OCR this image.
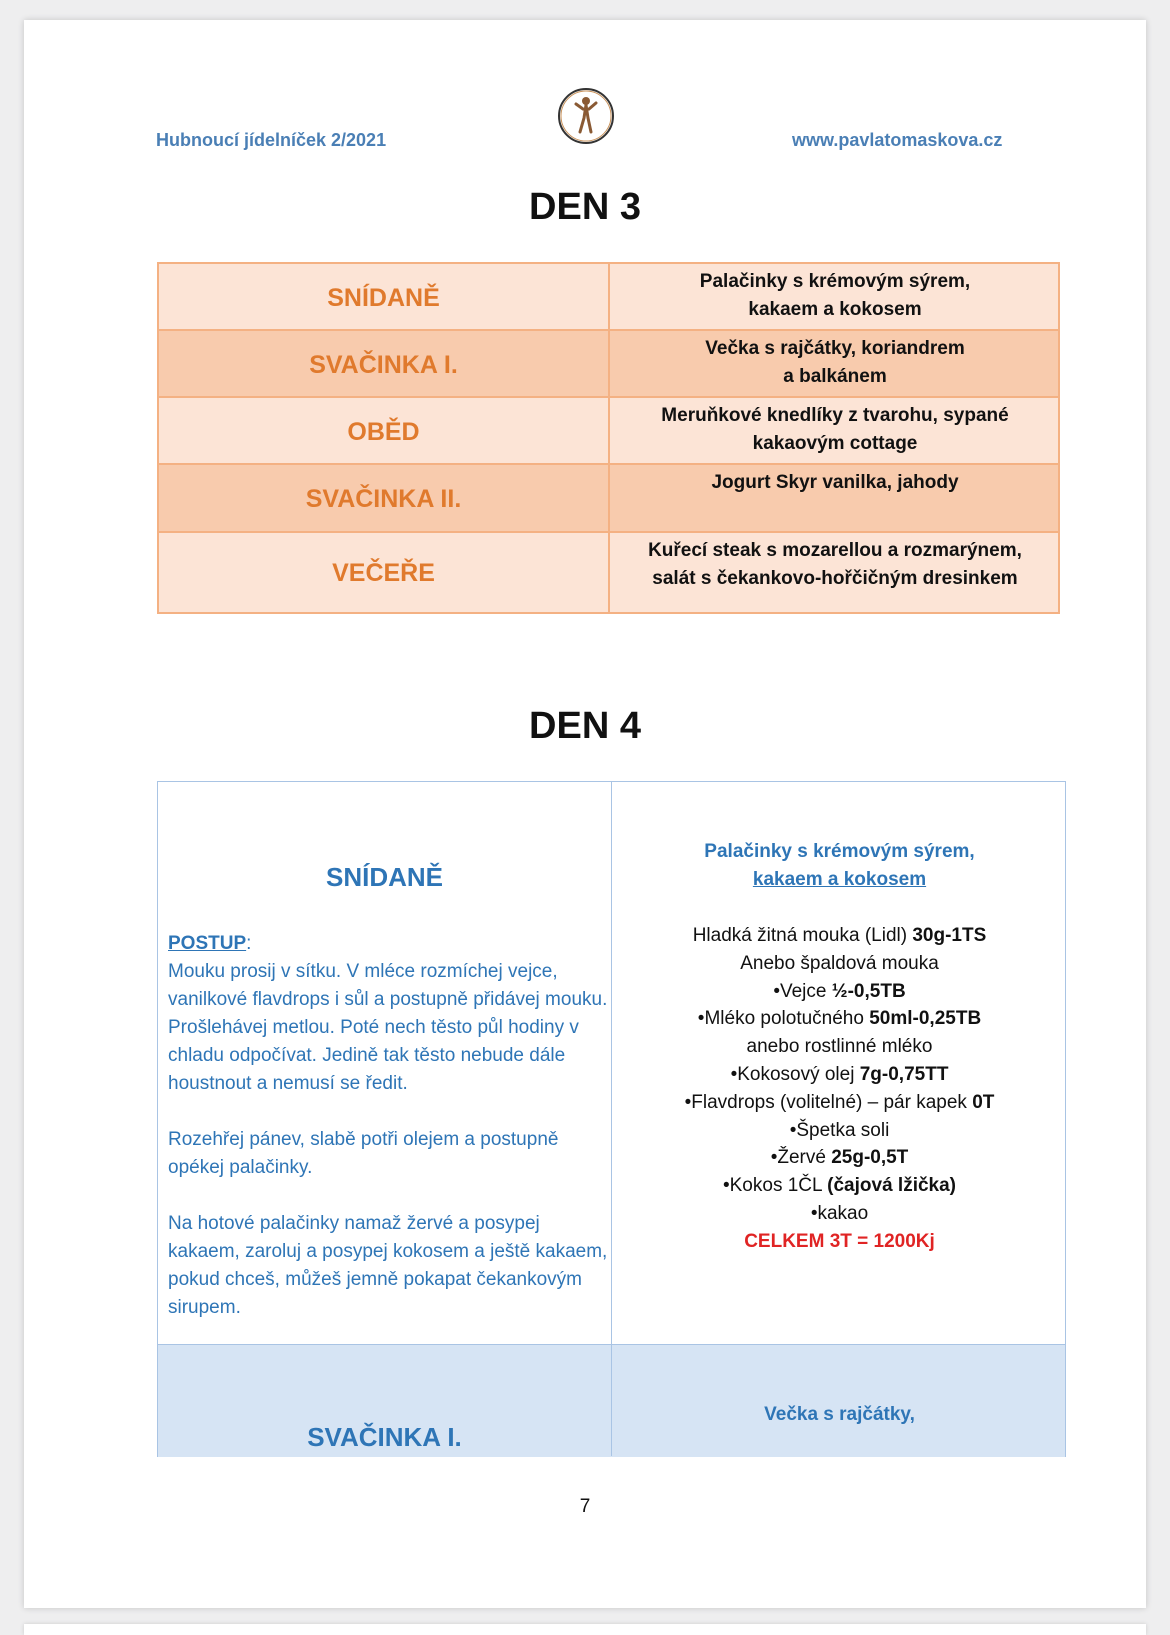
Hubnoucí jídelníček 2/2021	www.pavlatomaskova.cz
DEN 3
SNÍDANĚ
Palačinky s krémovým sýrem,
kakaem a kokosem
SVAČINKA I.
Večka s rajčátky, koriandrem
a balkánem
OBĚD
Meruňkové knedlíky z tvarohu, sypané
kakaovým cottage
SVAČINKA II.
Jogurt Skyr vanilka, jahody
VEČEŘE
Kuřecí steak s mozarellou a rozmarýnem,
salát s čekankovo-hořčičným dresinkem
DEN 4
SNÍDANĚ
POSTUP:

Mouku prosij v sítku. V mléce rozmíchej vejce, vanilkové flavdrops i sůl a postupně přidávej mouku. Prošlehávej metlou. Poté nech těsto půl hodiny v chladu odpočívat. Jedině tak těsto nebude dále houstnout a nemusí se ředit.

Rozehřej pánev, slabě potři olejem a postupně opékej palačinky.

Na hotové palačinky namaž žervé a posypej kakaem, zaroluj a posypej kokosem a ještě kakaem, pokud chceš, můžeš jemně pokapat čekankovým sirupem.

Palačinky s krémovým sýrem,
kakaem a kokosem
Hladká žitná mouka (Lidl) 30g-1TS
Anebo špaldová mouka
•Vejce ½-0,5TB
•Mléko polotučného 50ml-0,25TB
anebo rostlinné mléko
•Kokosový olej 7g-0,75TT
•Flavdrops (volitelné) – pár kapek 0T
•Špetka soli
•Žervé 25g-0,5T
•Kokos 1ČL (čajová lžička)
•kakao
CELKEM 3T = 1200Kj
SVAČINKA I.
Večka s rajčátky,
7
